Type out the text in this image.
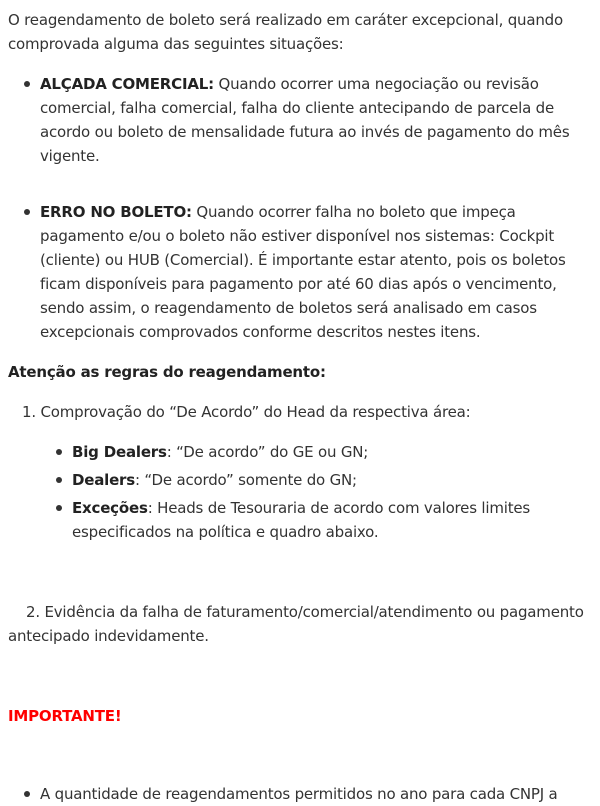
O reagendamento de boleto será realizado em caráter excepcional, quando comprovada alguma das seguintes situações:

ALÇADA COMERCIAL: Quando ocorrer uma negociação ou revisão comercial, falha comercial, falha do cliente antecipando de parcela de acordo ou boleto de mensalidade futura ao invés de pagamento do mês vigente.

ERRO NO BOLETO: Quando ocorrer falha no boleto que impeça pagamento e/ou o boleto não estiver disponível nos sistemas: Cockpit (cliente) ou HUB (Comercial). É importante estar atento, pois os boletos ficam disponíveis para pagamento por até 60 dias após o vencimento, sendo assim, o reagendamento de boletos será analisado em casos excepcionais comprovados conforme descritos nestes itens.

Atenção as regras do reagendamento:

1. Comprovação do “De Acordo” do Head da respectiva área:

Big Dealers: “De acordo” do GE ou GN;

Dealers: “De acordo” somente do GN;

Exceções: Heads de Tesouraria de acordo com valores limites especificados na política e quadro abaixo.

2. Evidência da falha de faturamento/comercial/atendimento ou pagamento antecipado indevidamente.

IMPORTANTE!

A quantidade de reagendamentos permitidos no ano para cada CNPJ a
